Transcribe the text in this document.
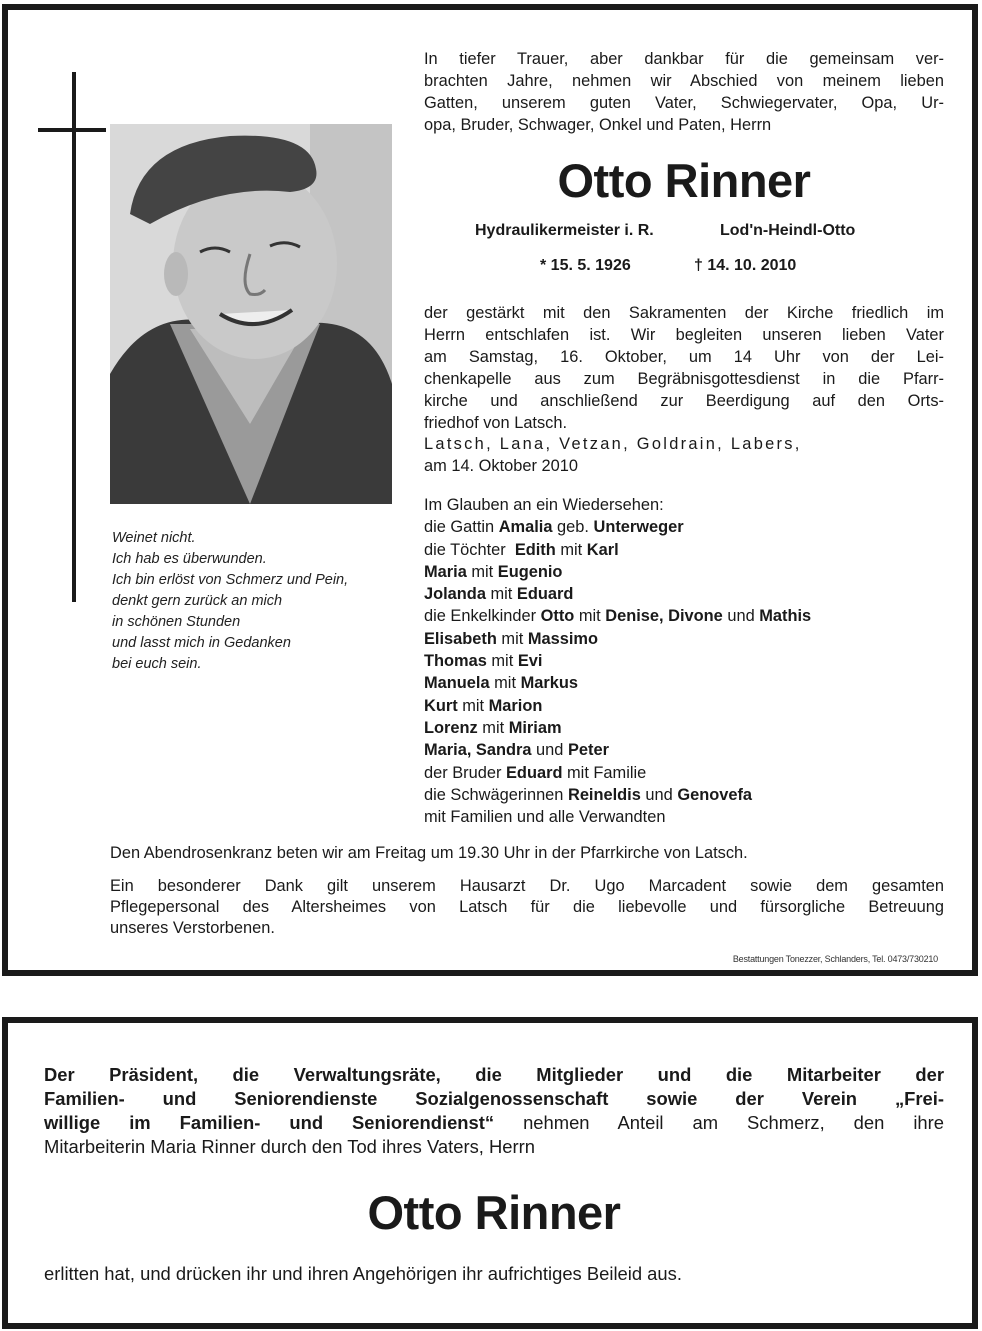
Weinet nicht.
Ich hab es überwunden.
Ich bin erlöst von Schmerz und Pein,
denkt gern zurück an mich
in schönen Stunden
und lasst mich in Gedanken
bei euch sein.
In tiefer Trauer, aber dankbar für die gemeinsam ver-
brachten Jahre, nehmen wir Abschied von meinem lieben
Gatten, unserem guten Vater, Schwiegervater, Opa, Ur-
opa, Bruder, Schwager, Onkel und Paten, Herrn
Otto Rinner
Hydraulikermeister i. R.	Lod'n-Heindl-Otto
* 15. 5. 1926	† 14. 10. 2010
der gestärkt mit den Sakramenten der Kirche friedlich im
Herrn entschlafen ist. Wir begleiten unseren lieben Vater
am Samstag, 16. Oktober, um 14 Uhr von der Lei-
chenkapelle aus zum Begräbnisgottesdienst in die Pfarr-
kirche und anschließend zur Beerdigung auf den Orts-
friedhof von Latsch.
Latsch, Lana, Vetzan, Goldrain, Labers,
am 14. Oktober 2010
Im Glauben an ein Wiedersehen:
die Gattin Amalia geb. Unterweger
die Töchter  Edith mit Karl
Maria mit Eugenio
Jolanda mit Eduard
die Enkelkinder Otto mit Denise, Divone und Mathis
Elisabeth mit Massimo
Thomas mit Evi
Manuela mit Markus
Kurt mit Marion
Lorenz mit Miriam
Maria, Sandra und Peter
der Bruder Eduard mit Familie
die Schwägerinnen Reineldis und Genovefa
mit Familien und alle Verwandten
Den Abendrosenkranz beten wir am Freitag um 19.30 Uhr in der Pfarrkirche von Latsch.
Ein besonderer Dank gilt unserem Hausarzt Dr. Ugo Marcadent sowie dem gesamten
Pflegepersonal des Altersheimes von Latsch für die liebevolle und fürsorgliche Betreuung
unseres Verstorbenen.
Bestattungen Tonezzer, Schlanders, Tel. 0473/730210
Der Präsident, die Verwaltungsräte, die Mitglieder und die Mitarbeiter der
Familien- und Seniorendienste Sozialgenossenschaft sowie der Verein „Frei-
willige im Familien- und Seniorendienst“ nehmen Anteil am Schmerz, den ihre
Mitarbeiterin Maria Rinner durch den Tod ihres Vaters, Herrn
Otto Rinner
erlitten hat, und drücken ihr und ihren Angehörigen ihr aufrichtiges Beileid aus.
